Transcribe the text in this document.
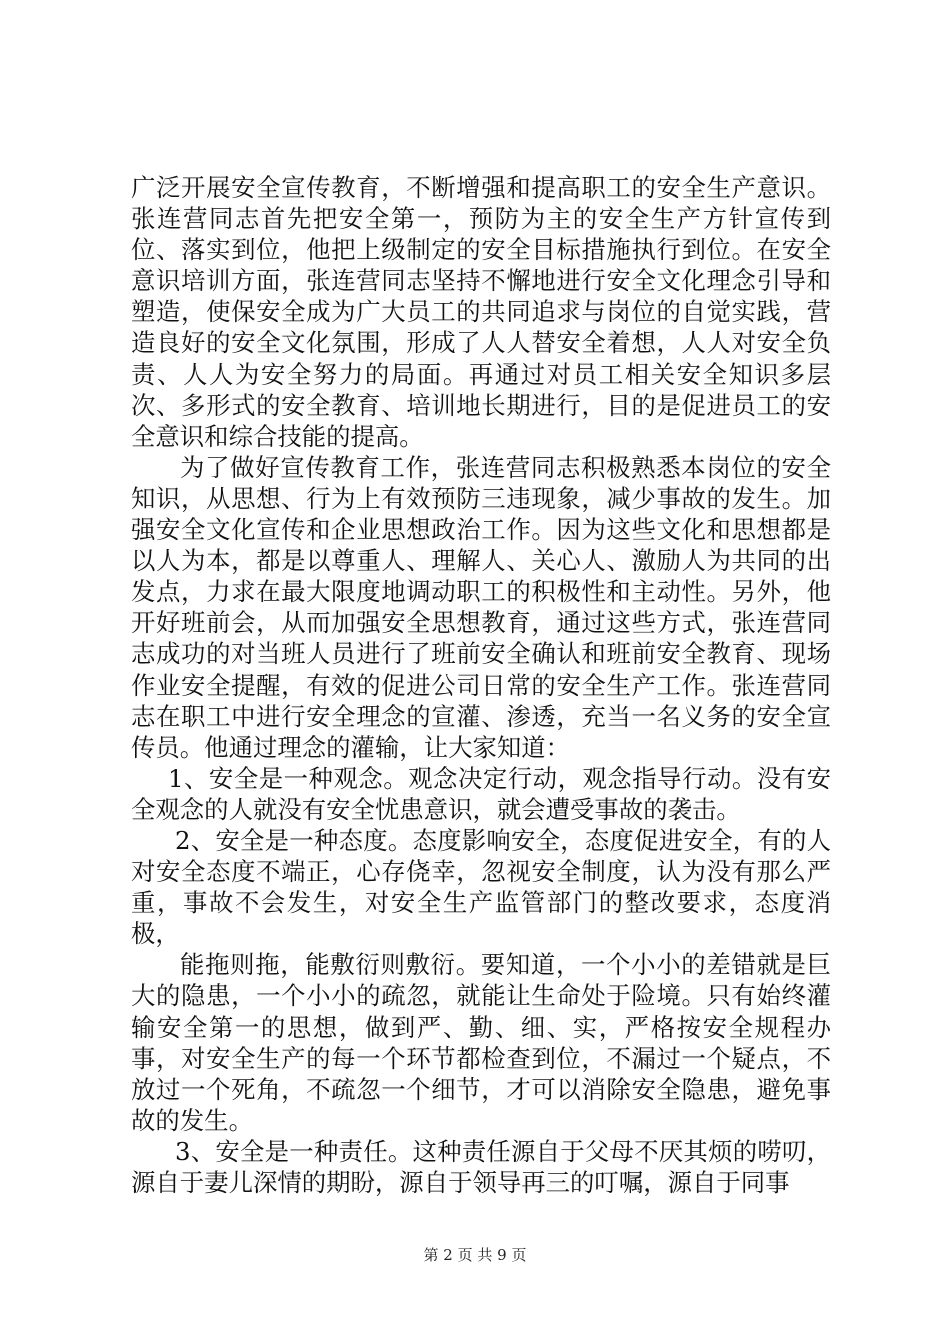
广泛开展安全宣传教育，不断增强和提高职工的安全生产意识。张连营同志首先把安全第一，预防为主的安全生产方针宣传到位、落实到位，他把上级制定的安全目标措施执行到位。在安全意识培训方面，张连营同志坚持不懈地进行安全文化理念引导和塑造，使保安全成为广大员工的共同追求与岗位的自觉实践，营造良好的安全文化氛围，形成了人人替安全着想，人人对安全负责、人人为安全努力的局面。再通过对员工相关安全知识多层次、多形式的安全教育、培训地长期进行，目的是促进员工的安全意识和综合技能的提高。

为了做好宣传教育工作，张连营同志积极熟悉本岗位的安全知识，从思想、行为上有效预防三违现象，减少事故的发生。加强安全文化宣传和企业思想政治工作。因为这些文化和思想都是以人为本，都是以尊重人、理解人、关心人、激励人为共同的出发点，力求在最大限度地调动职工的积极性和主动性。另外，他开好班前会，从而加强安全思想教育，通过这些方式，张连营同志成功的对当班人员进行了班前安全确认和班前安全教育、现场作业安全提醒，有效的促进公司日常的安全生产工作。张连营同志在职工中进行安全理念的宣灌、渗透，充当一名义务的安全宣传员。他通过理念的灌输，让大家知道：

1、安全是一种观念。观念决定行动，观念指导行动。没有安全观念的人就没有安全忧患意识，就会遭受事故的袭击。

2、安全是一种态度。态度影响安全，态度促进安全，有的人对安全态度不端正，心存侥幸，忽视安全制度，认为没有那么严重，事故不会发生，对安全生产监管部门的整改要求，态度消极，

能拖则拖，能敷衍则敷衍。要知道，一个小小的差错就是巨大的隐患，一个小小的疏忽，就能让生命处于险境。只有始终灌输安全第一的思想，做到严、勤、细、实，严格按安全规程办事，对安全生产的每一个环节都检查到位，不漏过一个疑点，不放过一个死角，不疏忽一个细节，才可以消除安全隐患，避免事故的发生。

3、安全是一种责任。这种责任源自于父母不厌其烦的唠叨，源自于妻儿深情的期盼，源自于领导再三的叮嘱，源自于同事

第 2 页 共 9 页
